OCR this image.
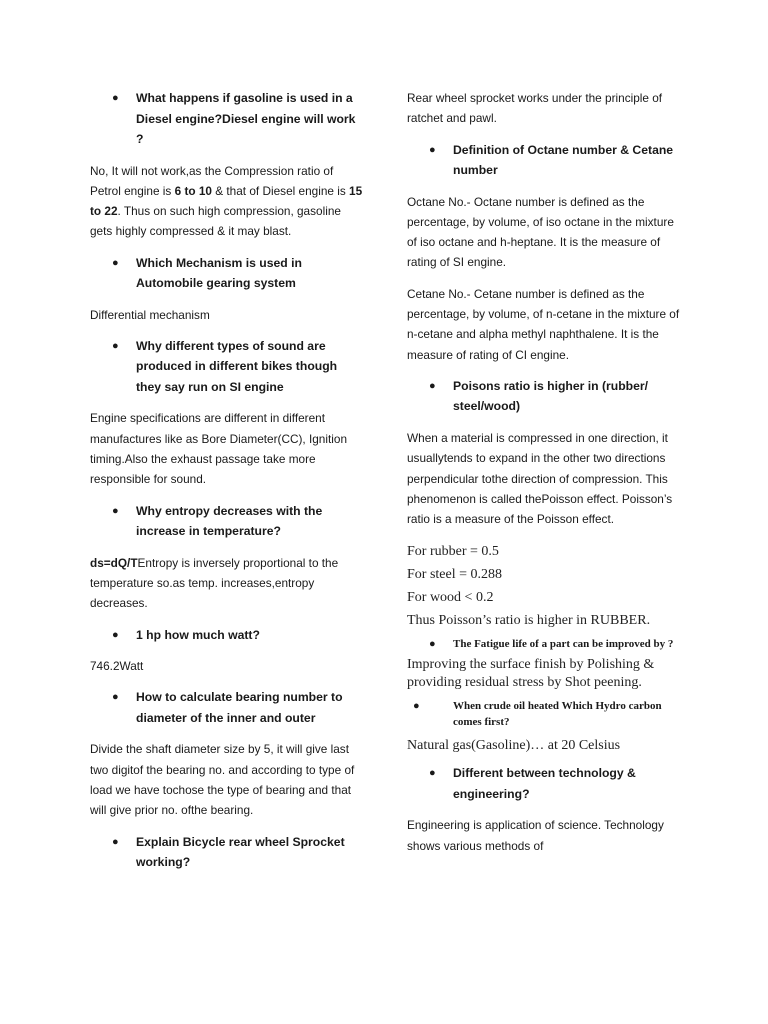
●	What happens if gasoline is used in a Diesel engine?Diesel engine will work ?

No, It will not work,as the Compression ratio of Petrol engine is 6 to 10 & that of Diesel engine is 15 to 22. Thus on such high compression, gasoline gets highly compressed & it may blast.

●	Which Mechanism is used in Automobile gearing system

Differential mechanism

●	Why different types of sound are produced in different bikes though they say run on SI engine

Engine specifications are different in different manufactures like as Bore Diameter(CC), Ignition timing.Also the exhaust passage take more responsible for sound.

●	Why entropy decreases with the increase in temperature?

ds=dQ/TEntropy is inversely proportional to the temperature so.as temp. increases,entropy decreases.

●	1 hp how much watt?

746.2Watt

●	How to calculate bearing number to diameter of the inner and outer

Divide the shaft diameter size by 5, it will give last two digitof the bearing no. and according to type of load we have tochose the type of bearing and that will give prior no. ofthe bearing.

●	Explain Bicycle rear wheel Sprocket working?

Rear wheel sprocket works under the principle of ratchet and pawl.

●	Definition of Octane number & Cetane number

Octane No.- Octane number is defined as the percentage, by volume, of iso octane in the mixture of iso octane and h-heptane. It is the measure of rating of SI engine.

Cetane No.- Cetane number is defined as the percentage, by volume, of n-cetane in the mixture of n-cetane and alpha methyl naphthalene. It is the measure of rating of CI engine.

●	Poisons ratio is higher in (rubber/ steel/wood)

When a material is compressed in one direction, it usuallytends to expand in the other two directions perpendicular tothe direction of compression. This phenomenon is called thePoisson effect. Poisson’s ratio is a measure of the Poisson effect.

For rubber = 0.5

For steel = 0.288

For wood < 0.2

Thus Poisson’s ratio is higher in RUBBER.

●	The Fatigue life of a part can be improved by ?

Improving the surface finish by Polishing & providing residual stress by Shot peening.

●	When crude oil heated Which Hydro carbon comes first?

Natural gas(Gasoline)… at 20 Celsius

●	Different between technology & engineering?

Engineering is application of science. Technology shows various methods of
